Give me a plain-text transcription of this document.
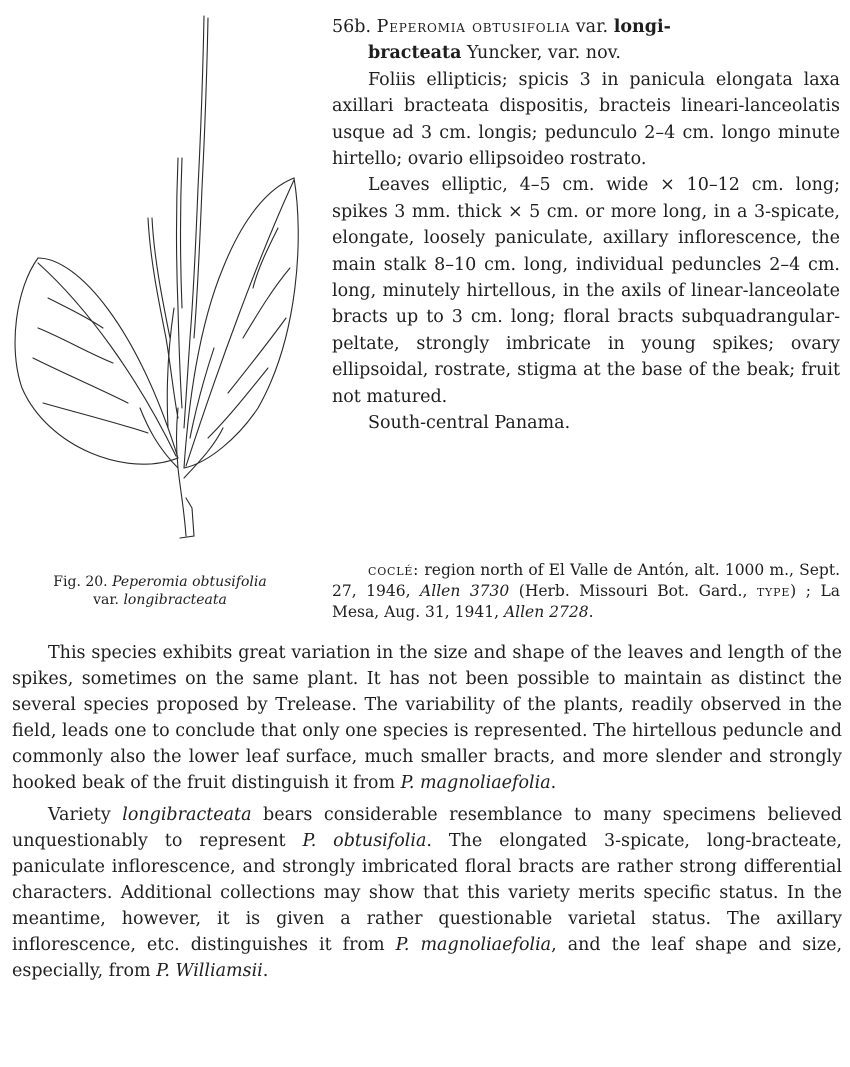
Fig. 20. Peperomia obtusifolia
var. longibracteata

56b. Peperomia obtusifolia var. longi-

bracteata Yuncker, var. nov.

Foliis ellipticis; spicis 3 in panicula elongata laxa axillari bracteata dispositis, bracteis lineari-lanceolatis usque ad 3 cm. longis; pedunculo 2–4 cm. longo minute hirtello; ovario ellipsoideo rostrato.

Leaves elliptic, 4–5 cm. wide × 10–12 cm. long; spikes 3 mm. thick × 5 cm. or more long, in a 3-spicate, elongate, loosely paniculate, axillary inflorescence, the main stalk 8–10 cm. long, individual peduncles 2–4 cm. long, minutely hirtellous, in the axils of linear-lanceolate bracts up to 3 cm. long; floral bracts subquadrangular-peltate, strongly imbricate in young spikes; ovary ellipsoidal, rostrate, stigma at the base of the beak; fruit not matured.

South-central Panama.

coclé: region north of El Valle de Antón, alt. 1000 m., Sept. 27, 1946, Allen 3730 (Herb. Missouri Bot. Gard., type) ; La Mesa, Aug. 31, 1941, Allen 2728.

This species exhibits great variation in the size and shape of the leaves and length of the spikes, sometimes on the same plant. It has not been possible to maintain as distinct the several species proposed by Trelease. The variability of the plants, readily observed in the field, leads one to conclude that only one species is represented. The hirtellous peduncle and commonly also the lower leaf surface, much smaller bracts, and more slender and strongly hooked beak of the fruit distinguish it from P. magnoliaefolia.

Variety longibracteata bears considerable resemblance to many specimens believed unquestionably to represent P. obtusifolia. The elongated 3-spicate, long-bracteate, paniculate inflorescence, and strongly imbricated floral bracts are rather strong differential characters. Additional collections may show that this variety merits specific status. In the meantime, however, it is given a rather questionable varietal status. The axillary inflorescence, etc. distinguishes it from P. magnoliaefolia, and the leaf shape and size, especially, from P. Williamsii.
